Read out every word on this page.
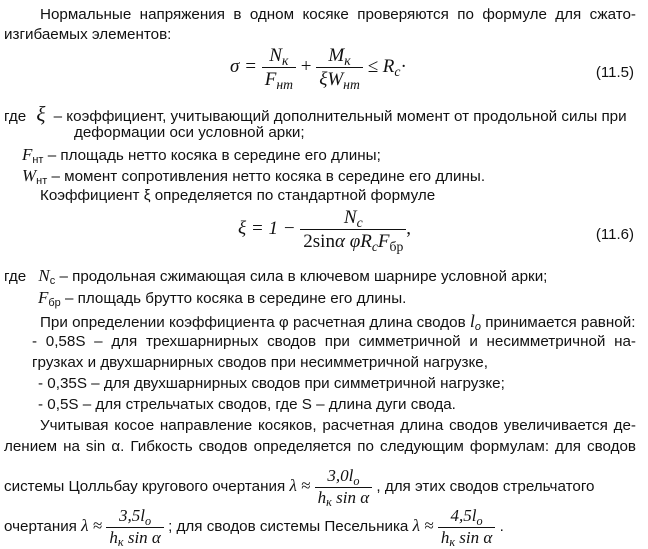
Нормальные напряжения в одном косяке проверяются по формуле для сжато-
изгибаемых элементов:
$\sigma = \frac{N_к}{F_{нт}} + \frac{M_к}{\xi W_{нт}} \le R_c\cdot$	(11.5)
где ξ – коэффициент, учитывающий дополнительный момент от продольной силы при
деформации оси условной арки;
$F_{нт}$ – площадь нетто косяка в середине его длины;
$W_{нт}$ – момент сопротивления нетто косяка в середине его длины.
Коэффициент ξ определяется по стандартной формуле
$\xi = 1 - \frac{N_c}{2\sin\alpha \varphi R_cF_{бр}}$ ,	(11.6)
где $N_c$ – продольная сжимающая сила в ключевом шарнире условной арки;
$F_{бр}$ – площадь брутто косяка в середине его длины.
При определении коэффициента φ расчетная длина сводов $l_o$ принимается равной:
- 0,58S – для трехшарнирных сводов при симметричной и несимметричной на-
грузках и двухшарнирных сводов при несимметричной нагрузке,
- 0,35S – для двухшарнирных сводов при симметричной нагрузке;
- 0,5S – для стрельчатых сводов, где S – длина дуги свода.
Учитывая косое направление косяков, расчетная длина сводов увеличивается де-
лением на sin α. Гибкость сводов определяется по следующим формулам: для сводов
системы Цолльбау кругового очертания $\lambda \approx \frac{3,0l_o}{h_к \sin \alpha}$ , для этих сводов стрельчатого
очертания $\lambda \approx \frac{3,5l_o}{h_к \sin \alpha}$ ; для сводов системы Песельника $\lambda \approx \frac{4,5l_o}{h_к \sin \alpha}$ .
